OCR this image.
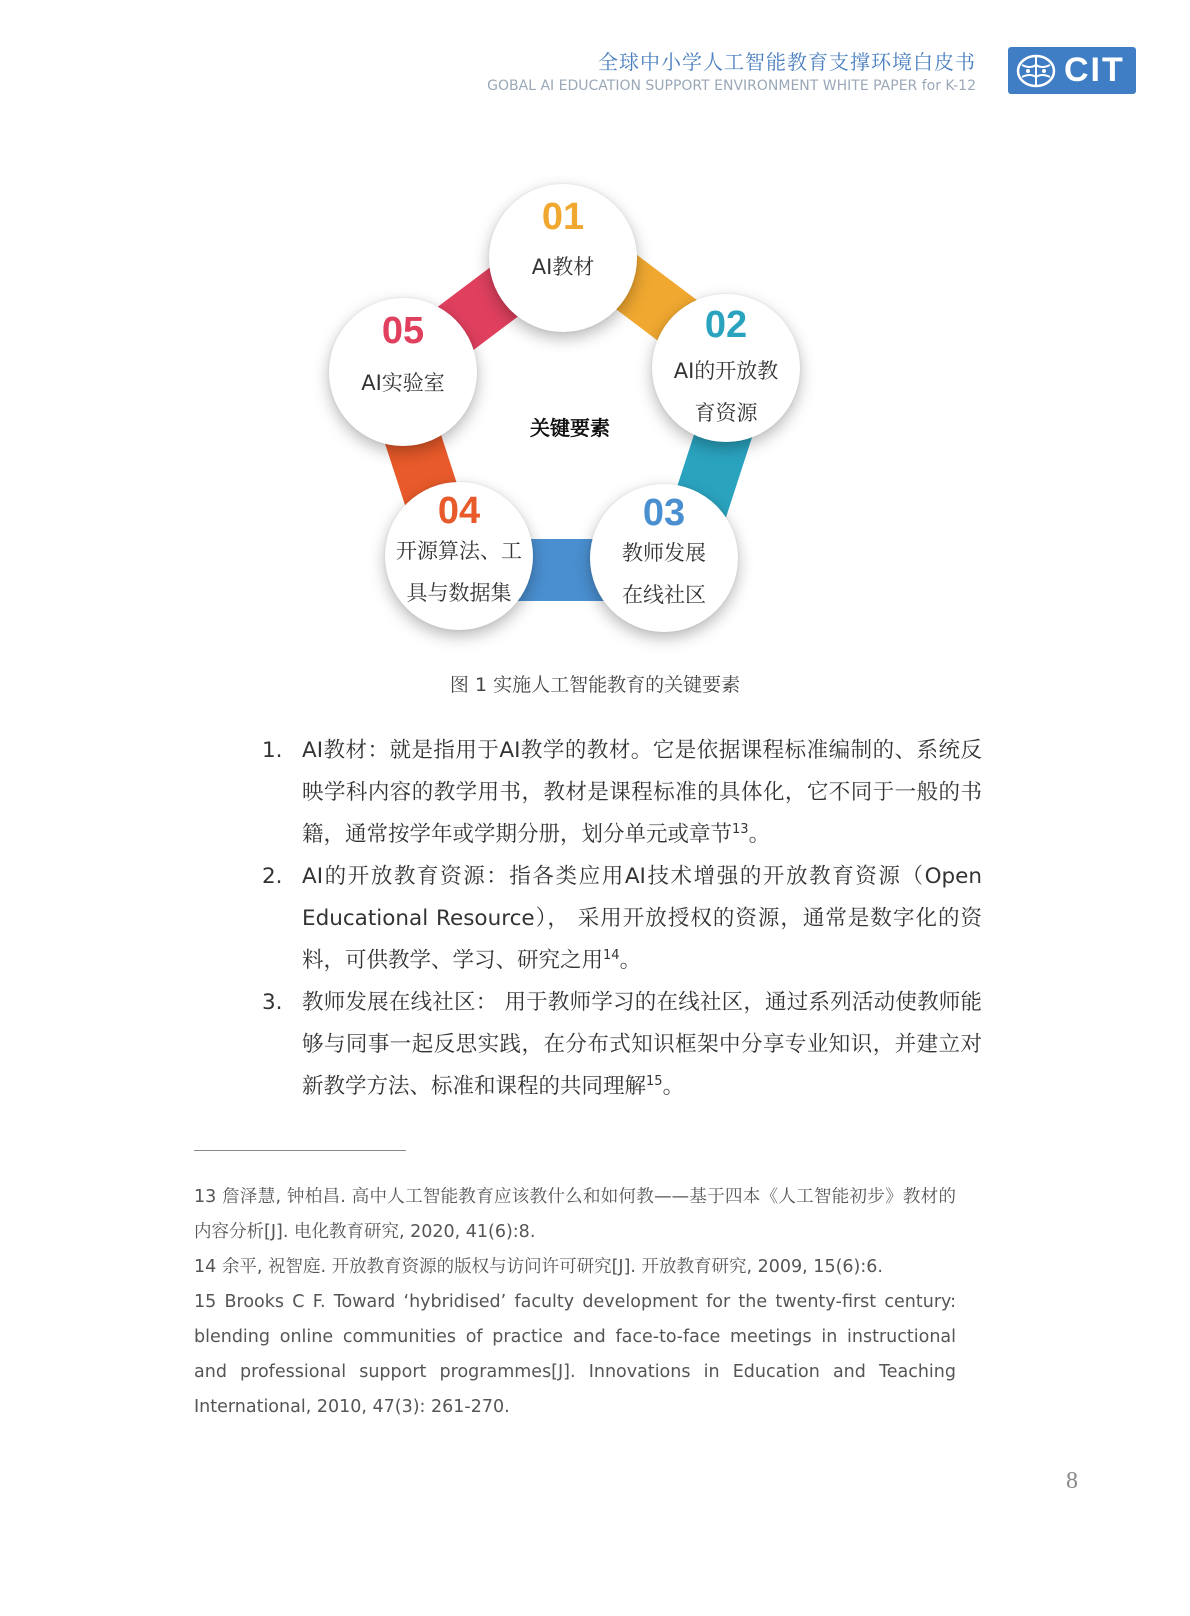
全球中小学人工智能教育支撑环境白皮书
GOBAL AI EDUCATION SUPPORT ENVIRONMENT WHITE PAPER for K-12	CIT
01
AI教材
02
AI的开放教
育资源
03
教师发展
在线社区
04
开源算法、工
具与数据集
05
AI实验室
关键要素
图 1 实施人工智能教育的关键要素
1. AI教材：就是指用于AI教学的教材。它是依据课程标准编制的、系统反映学科内容的教学用书，教材是课程标准的具体化，它不同于一般的书籍，通常按学年或学期分册，划分单元或章节$^{13}$。
2. AI的开放教育资源：指各类应用AI技术增强的开放教育资源（Open Educational Resource）， 采用开放授权的资源，通常是数字化的资料，可供教学、学习、研究之用$^{14}$。
3. 教师发展在线社区： 用于教师学习的在线社区，通过系列活动使教师能够与同事一起反思实践，在分布式知识框架中分享专业知识，并建立对新教学方法、标准和课程的共同理解$^{15}$。
13 詹泽慧, 钟柏昌. 高中人工智能教育应该教什么和如何教——基于四本《人工智能初步》教材的内容分析[J]. 电化教育研究, 2020, 41(6):8.
14 余平, 祝智庭. 开放教育资源的版权与访问许可研究[J]. 开放教育研究, 2009, 15(6):6.
15 Brooks C F. Toward ‘hybridised’ faculty development for the twenty‐first century: blending online communities of practice and face‐to‐face meetings in instructional and professional support programmes[J]. Innovations in Education and Teaching International, 2010, 47(3): 261-270.
8
